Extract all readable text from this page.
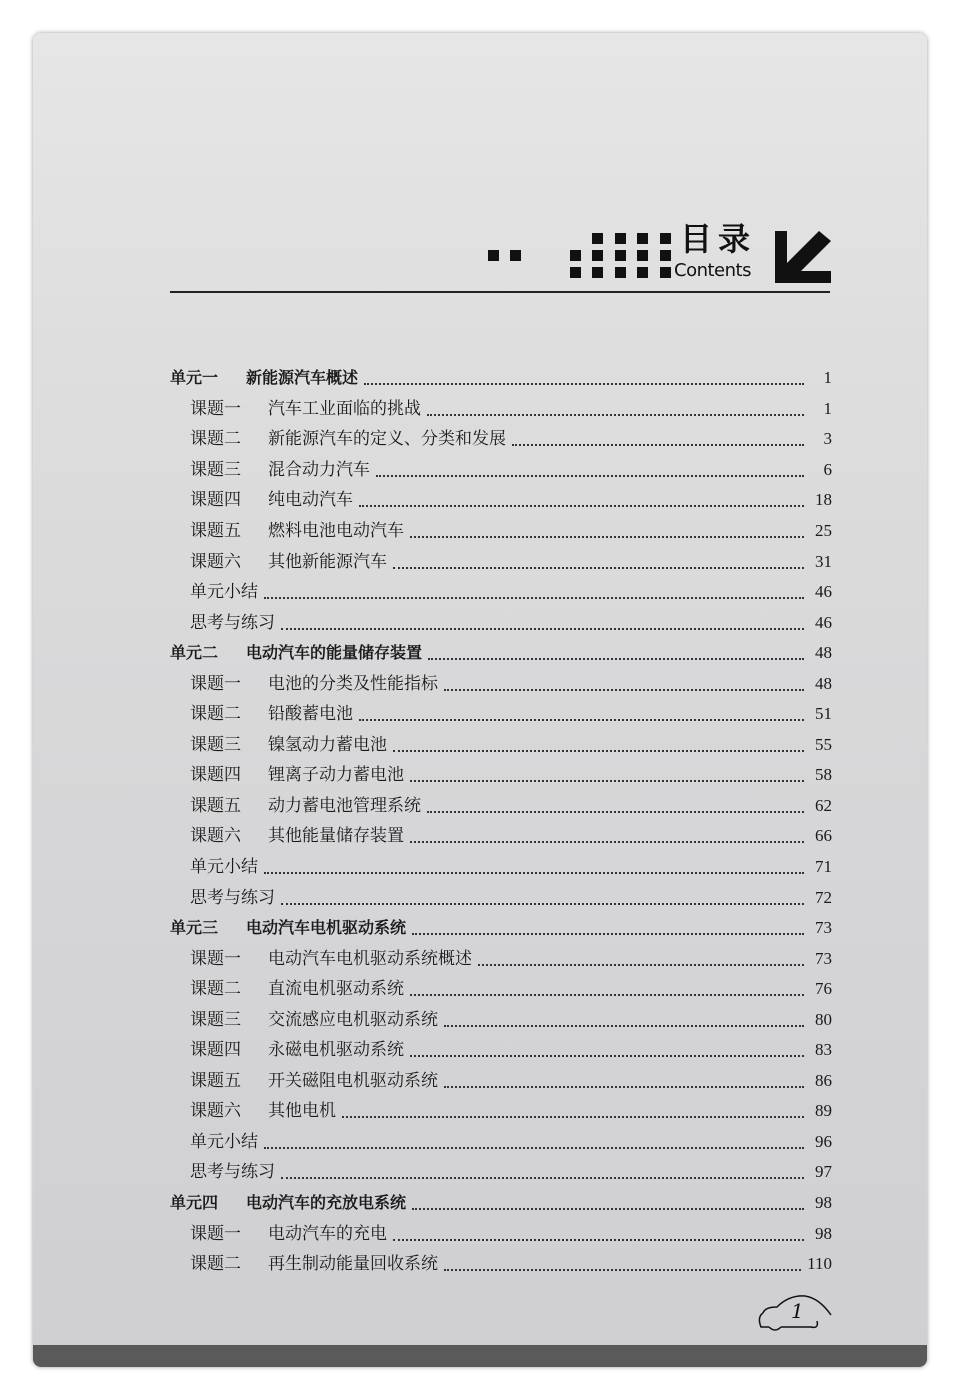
目录
Contents
单元一 新能源汽车概述	1
课题一 汽车工业面临的挑战	1
课题二 新能源汽车的定义、分类和发展	3
课题三 混合动力汽车	6
课题四 纯电动汽车	18
课题五 燃料电池电动汽车	25
课题六 其他新能源汽车	31
单元小结	46
思考与练习	46
单元二 电动汽车的能量储存装置	48
课题一 电池的分类及性能指标	48
课题二 铅酸蓄电池	51
课题三 镍氢动力蓄电池	55
课题四 锂离子动力蓄电池	58
课题五 动力蓄电池管理系统	62
课题六 其他能量储存装置	66
单元小结	71
思考与练习	72
单元三 电动汽车电机驱动系统	73
课题一 电动汽车电机驱动系统概述	73
课题二 直流电机驱动系统	76
课题三 交流感应电机驱动系统	80
课题四 永磁电机驱动系统	83
课题五 开关磁阻电机驱动系统	86
课题六 其他电机	89
单元小结	96
思考与练习	97
单元四 电动汽车的充放电系统	98
课题一 电动汽车的充电	98
课题二 再生制动能量回收系统	110
1
